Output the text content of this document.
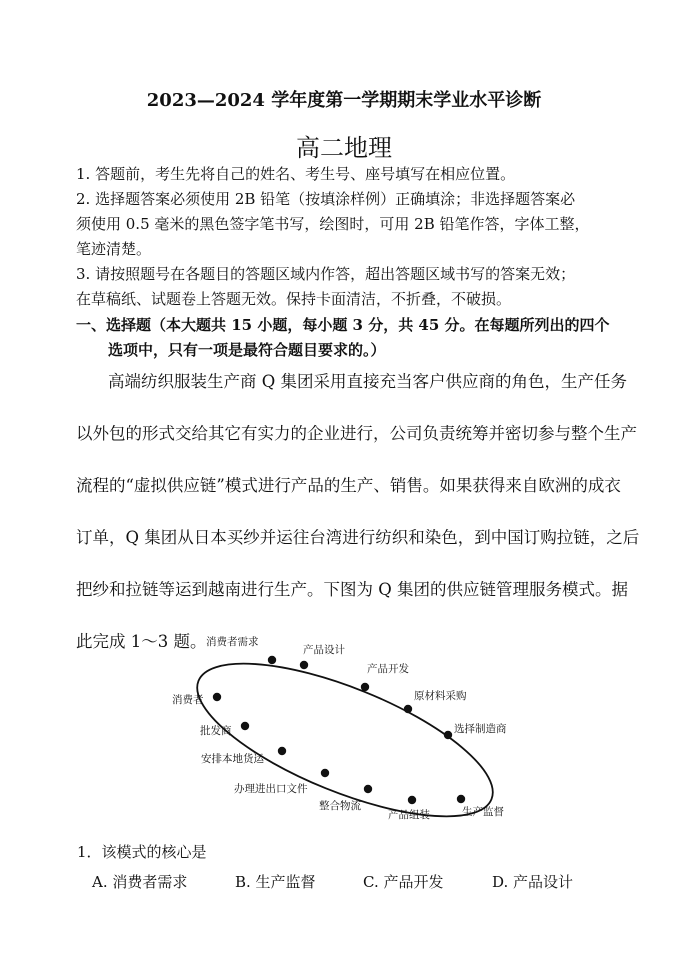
2023—2024 学年度第一学期期末学业水平诊断
高二地理
1. 答题前，考生先将自己的姓名、考生号、座号填写在相应位置。
2. 选择题答案必须使用 2B 铅笔（按填涂样例）正确填涂；非选择题答案必
须使用 0.5 毫米的黑色签字笔书写，绘图时，可用 2B 铅笔作答，字体工整，
笔迹清楚。
3. 请按照题号在各题目的答题区域内作答，超出答题区域书写的答案无效；
在草稿纸、试题卷上答题无效。保持卡面清洁，不折叠，不破损。
一、选择题（本大题共 15 小题，每小题 3 分，共 45 分。在每题所列出的四个
选项中，只有一项是最符合题目要求的。）
高端纺织服装生产商 Q 集团采用直接充当客户供应商的角色，生产任务
以外包的形式交给其它有实力的企业进行，公司负责统筹并密切参与整个生产
流程的“虚拟供应链”模式进行产品的生产、销售。如果获得来自欧洲的成衣
订单，Q 集团从日本买纱并运往台湾进行纺织和染色，到中国订购拉链，之后
把纱和拉链等运到越南进行生产。下图为 Q 集团的供应链管理服务模式。据
此完成 1～3 题。 消费者需求
产品设计
产品开发
原材料采购
选择制造商
生产监督
产品组装
整合物流
办理进出口文件
安排本地货运
批发商
消费者
1．该模式的核心是
A. 消费者需求	B. 生产监督	C. 产品开发	D. 产品设计
